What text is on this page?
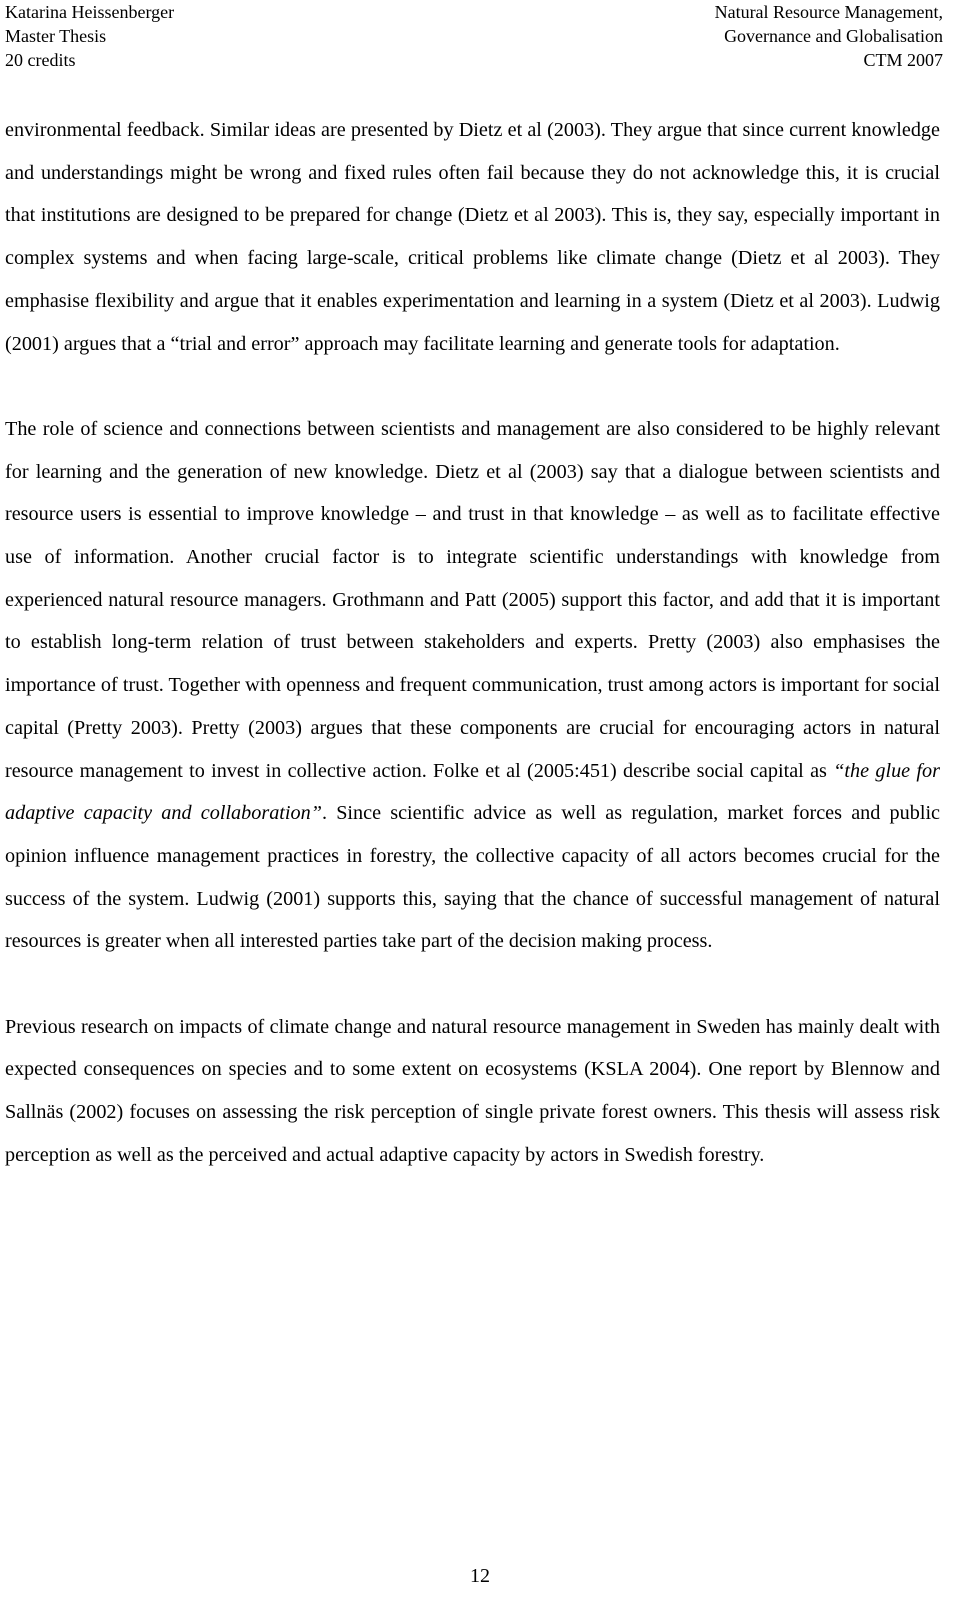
Katarina Heissenberger
Master Thesis
20 credits
Natural Resource Management,
Governance and Globalisation
CTM 2007

environmental feedback. Similar ideas are presented by Dietz et al (2003). They argue that since current knowledge and understandings might be wrong and fixed rules often fail because they do not acknowledge this, it is crucial that institutions are designed to be prepared for change (Dietz et al 2003). This is, they say, especially important in complex systems and when facing large-scale, critical problems like climate change (Dietz et al 2003). They emphasise flexibility and argue that it enables experimentation and learning in a system (Dietz et al 2003). Ludwig (2001) argues that a “trial and error” approach may facilitate learning and generate tools for adaptation.

The role of science and connections between scientists and management are also considered to be highly relevant for learning and the generation of new knowledge. Dietz et al (2003) say that a dialogue between scientists and resource users is essential to improve knowledge – and trust in that knowledge – as well as to facilitate effective use of information. Another crucial factor is to integrate scientific understandings with knowledge from experienced natural resource managers. Grothmann and Patt (2005) support this factor, and add that it is important to establish long-term relation of trust between stakeholders and experts. Pretty (2003) also emphasises the importance of trust. Together with openness and frequent communication, trust among actors is important for social capital (Pretty 2003). Pretty (2003) argues that these components are crucial for encouraging actors in natural resource management to invest in collective action. Folke et al (2005:451) describe social capital as “the glue for adaptive capacity and collaboration”. Since scientific advice as well as regulation, market forces and public opinion influence management practices in forestry, the collective capacity of all actors becomes crucial for the success of the system. Ludwig (2001) supports this, saying that the chance of successful management of natural resources is greater when all interested parties take part of the decision making process.

Previous research on impacts of climate change and natural resource management in Sweden has mainly dealt with expected consequences on species and to some extent on ecosystems (KSLA 2004). One report by Blennow and Sallnäs (2002) focuses on assessing the risk perception of single private forest owners. This thesis will assess risk perception as well as the perceived and actual adaptive capacity by actors in Swedish forestry.

12
